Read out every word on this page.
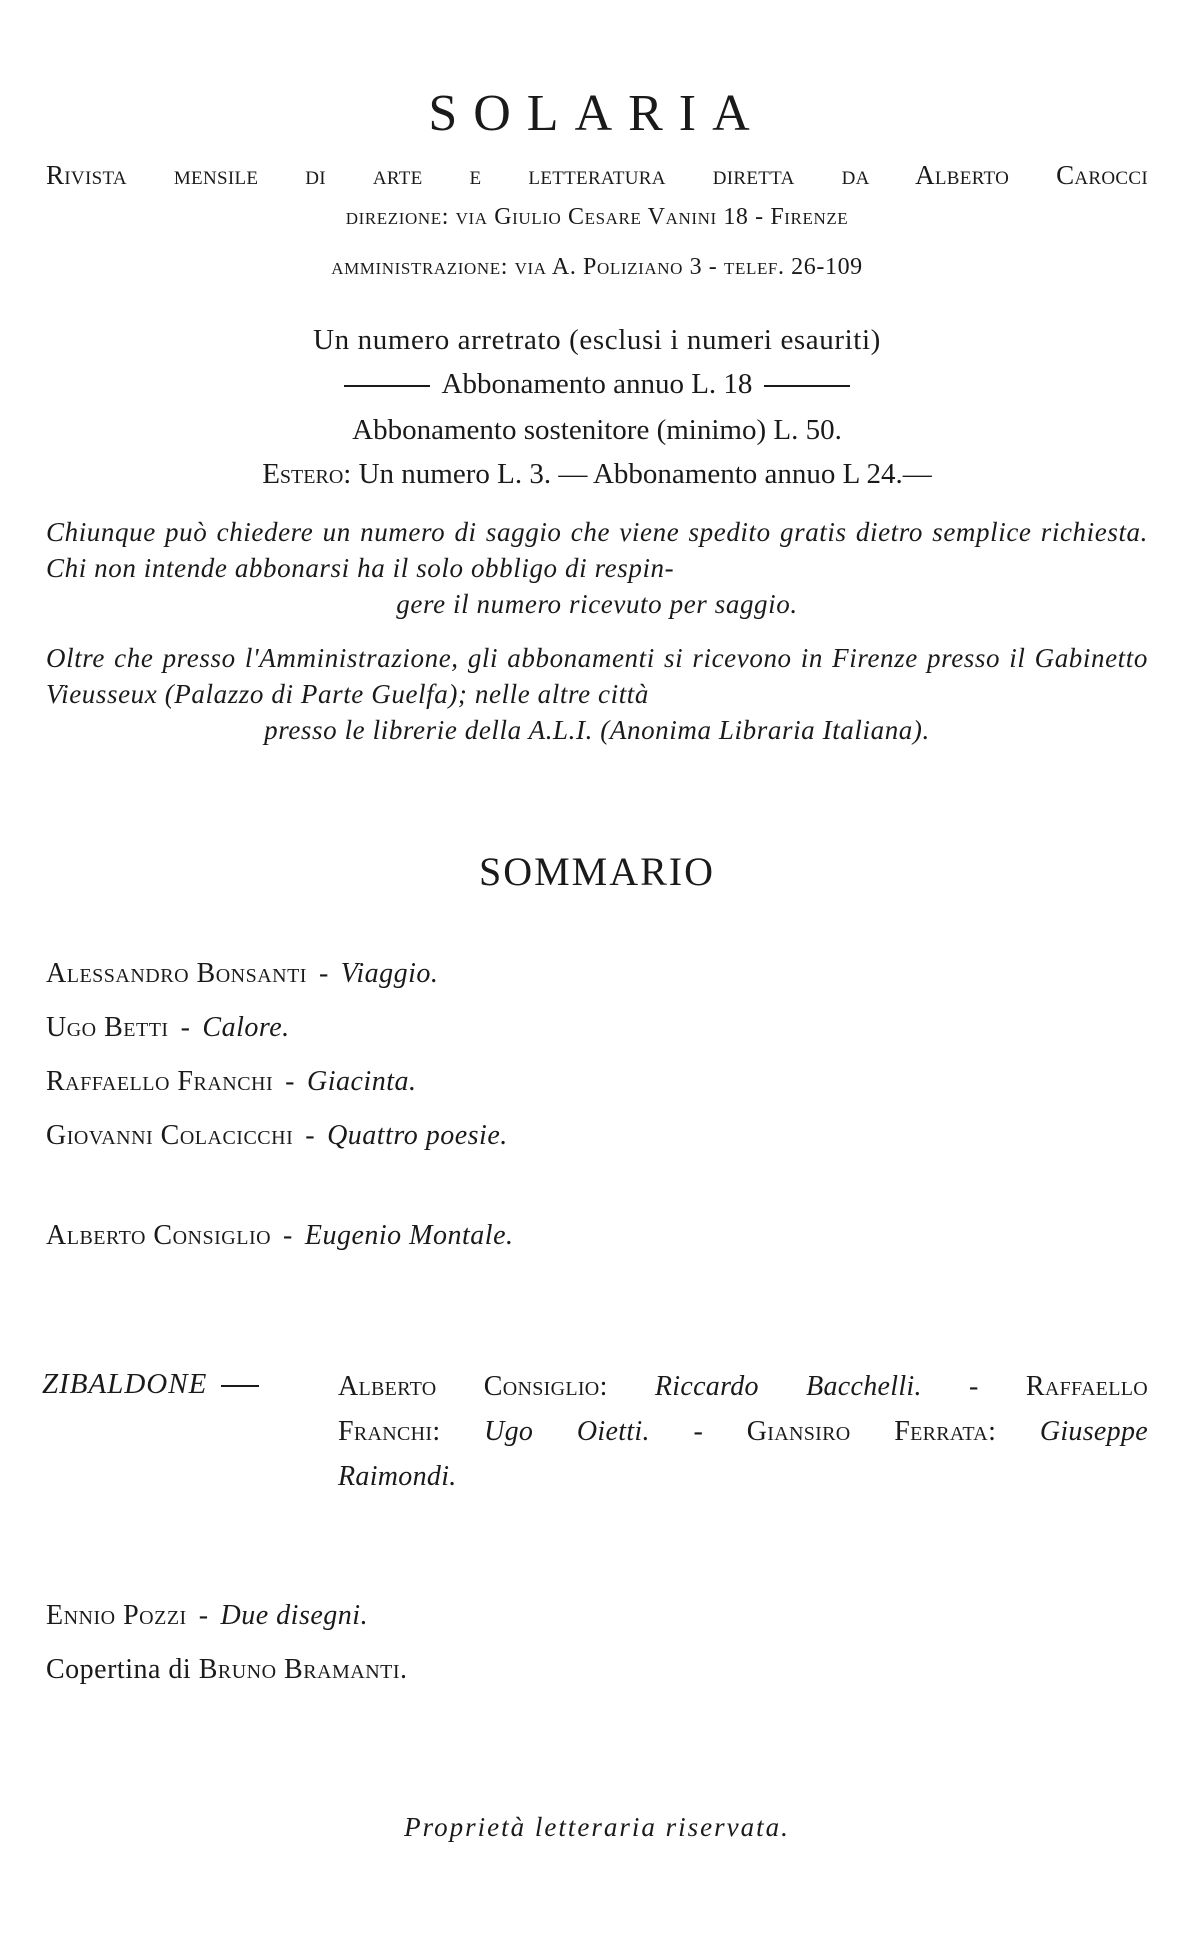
SOLARIA
Rivista mensile di arte e letteratura diretta da Alberto Carocci
direzione: via Giulio Cesare Vanini 18 - Firenze
amministrazione: via A. Poliziano 3 - telef. 26-109
Un numero arretrato (esclusi i numeri esauriti)
Abbonamento annuo L. 18
Abbonamento sostenitore (minimo) L. 50.
Estero: Un numero L. 3. — Abbonamento annuo L 24.—
Chiunque può chiedere un numero di saggio che viene spedito gratis dietro semplice richiesta. Chi non intende abbonarsi ha il solo obbligo di respin-
gere il numero ricevuto per saggio.
Oltre che presso l'Amministrazione, gli abbonamenti si ricevono in Firenze presso il Gabinetto Vieusseux (Palazzo di Parte Guelfa); nelle altre città
presso le librerie della A.L.I. (Anonima Libraria Italiana).
SOMMARIO
Alessandro Bonsanti - Viaggio.
Ugo Betti - Calore.
Raffaello Franchi - Giacinta.
Giovanni Colacicchi - Quattro poesie.
Alberto Consiglio - Eugenio Montale.
ZIBALDONE	Alberto Consiglio: Riccardo Bacchelli. - Raffaello
Franchi: Ugo Oietti. - Giansiro Ferrata: Giuseppe
Raimondi.
Ennio Pozzi - Due disegni.
Copertina di Bruno Bramanti.
Proprietà letteraria riservata.
